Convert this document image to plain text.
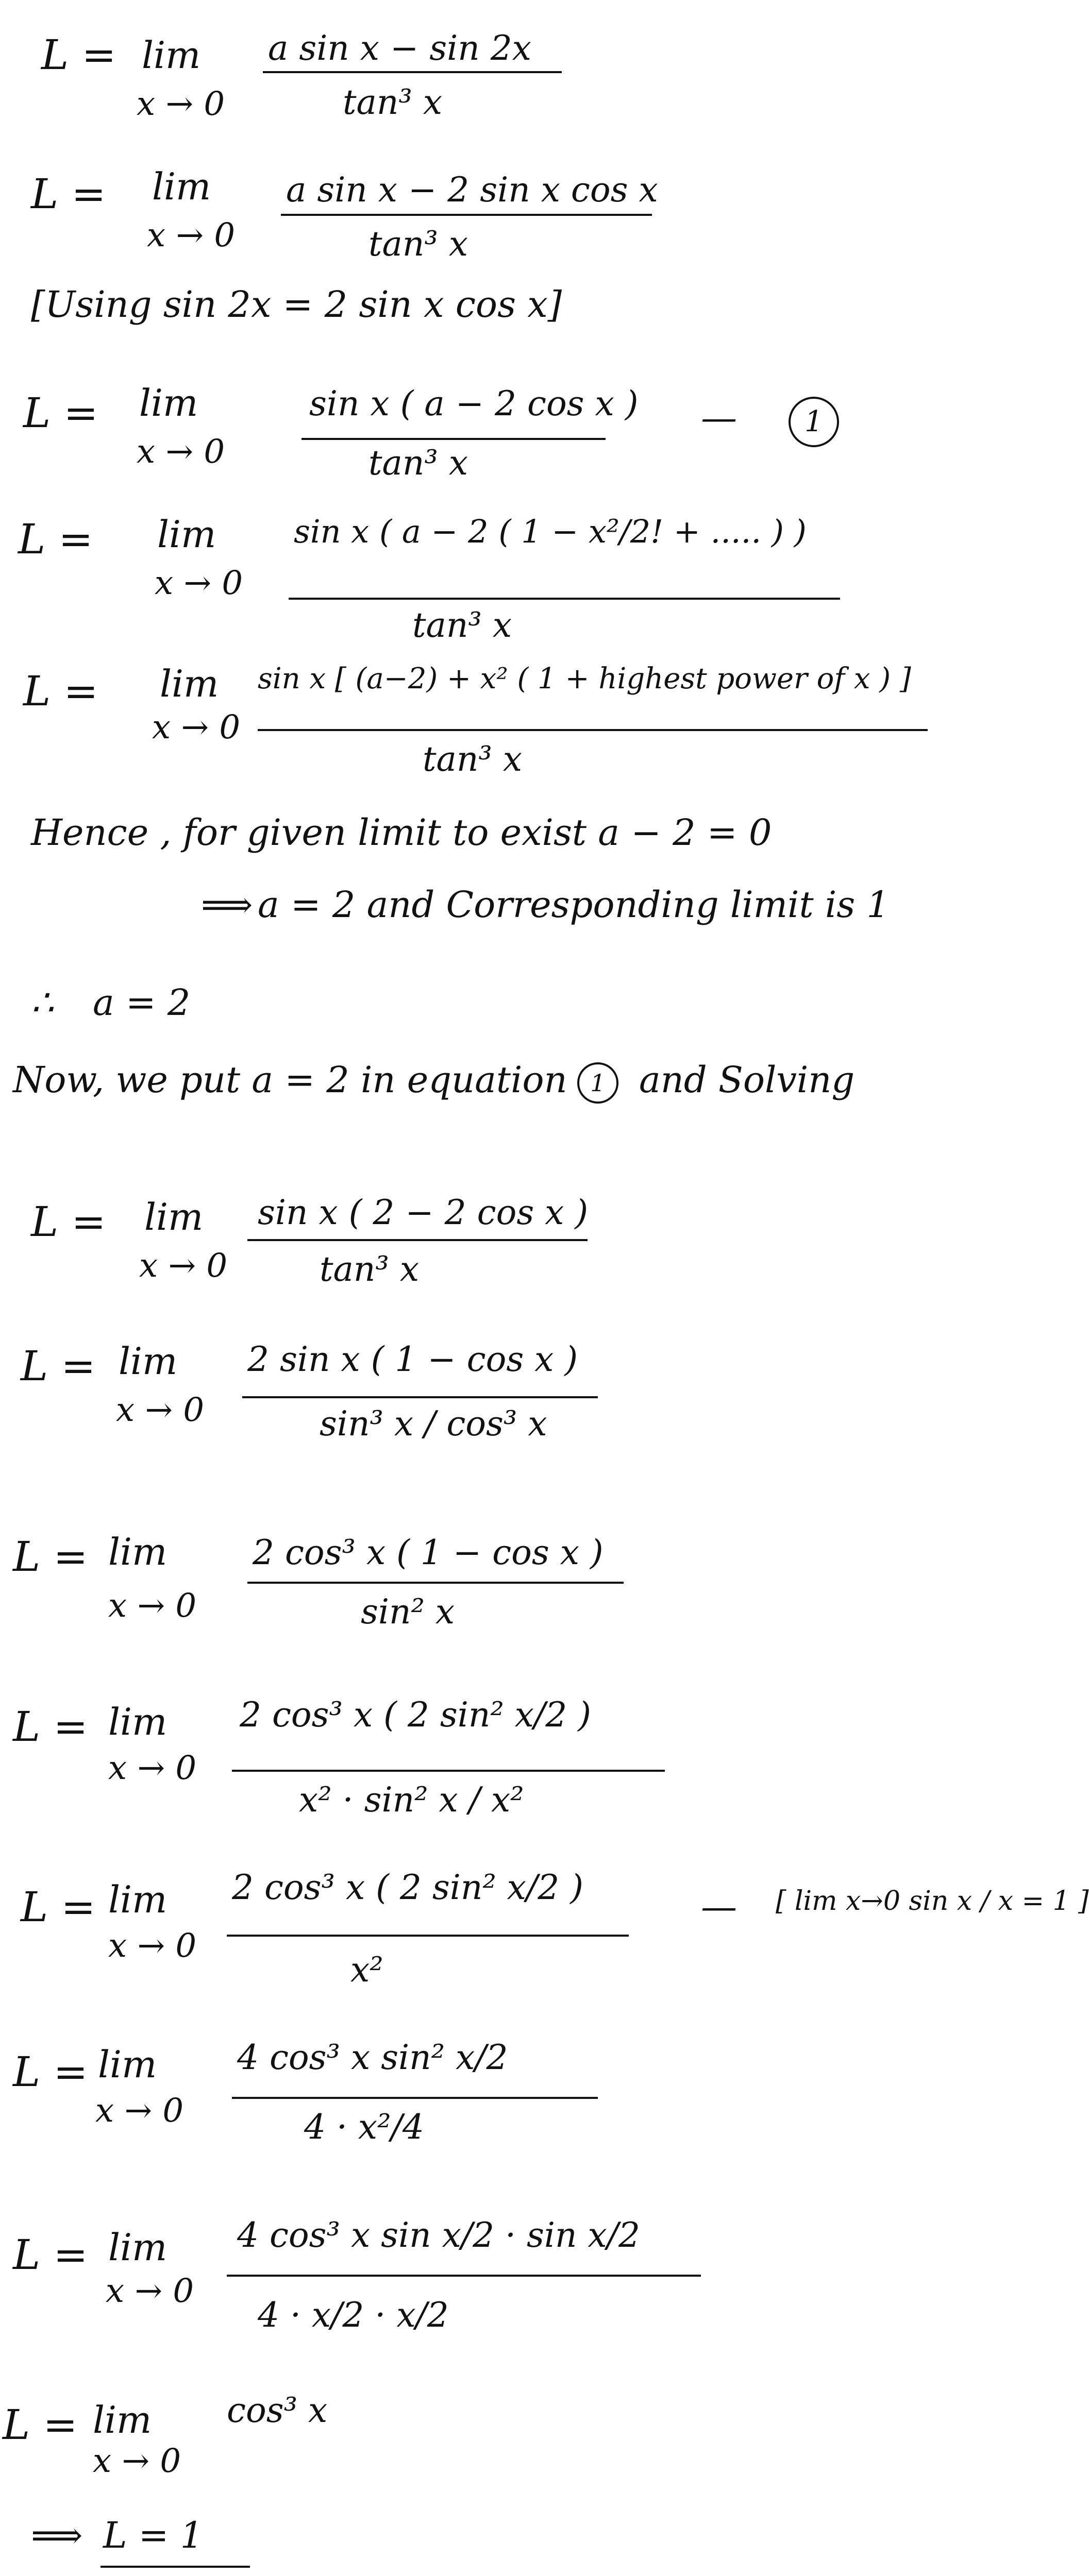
L = lim
x → 0
a sin x − sin 2x
tan³ x
L = lim
x → 0
a sin x − 2 sin x cos x
tan³ x
[Using sin 2x = 2 sin x cos x]
L = lim
x → 0
sin x ( a − 2 cos x )
tan³ x
—	1
L = lim
x → 0
sin x ( a − 2 ( 1 − x²/2! + ..... ) )
tan³ x
L = lim
x → 0
sin x [ (a−2) + x² ( 1 + highest power of x ) ]
tan³ x
Hence , for given limit to exist a − 2 = 0
⟹ a = 2 and Corresponding limit is 1
∴ a = 2
Now, we put a = 2 in equation 1 and Solving
L = lim
x → 0
sin x ( 2 − 2 cos x )
tan³ x
L = lim
x → 0
2 sin x ( 1 − cos x )
sin³ x / cos³ x
L = lim
x → 0
2 cos³ x ( 1 − cos x )
sin² x
L = lim
x → 0
2 cos³ x ( 2 sin² x/2 )
x² · sin² x / x²
L = lim
x → 0
2 cos³ x ( 2 sin² x/2 )
x²
— [ lim x→0 sin x / x = 1 ]
L = lim
x → 0
4 cos³ x sin² x/2
4 · x²/4
L = lim
x → 0
4 cos³ x sin x/2 · sin x/2
4 · x/2 · x/2
L = lim
x → 0
cos³ x
⟹ L = 1
